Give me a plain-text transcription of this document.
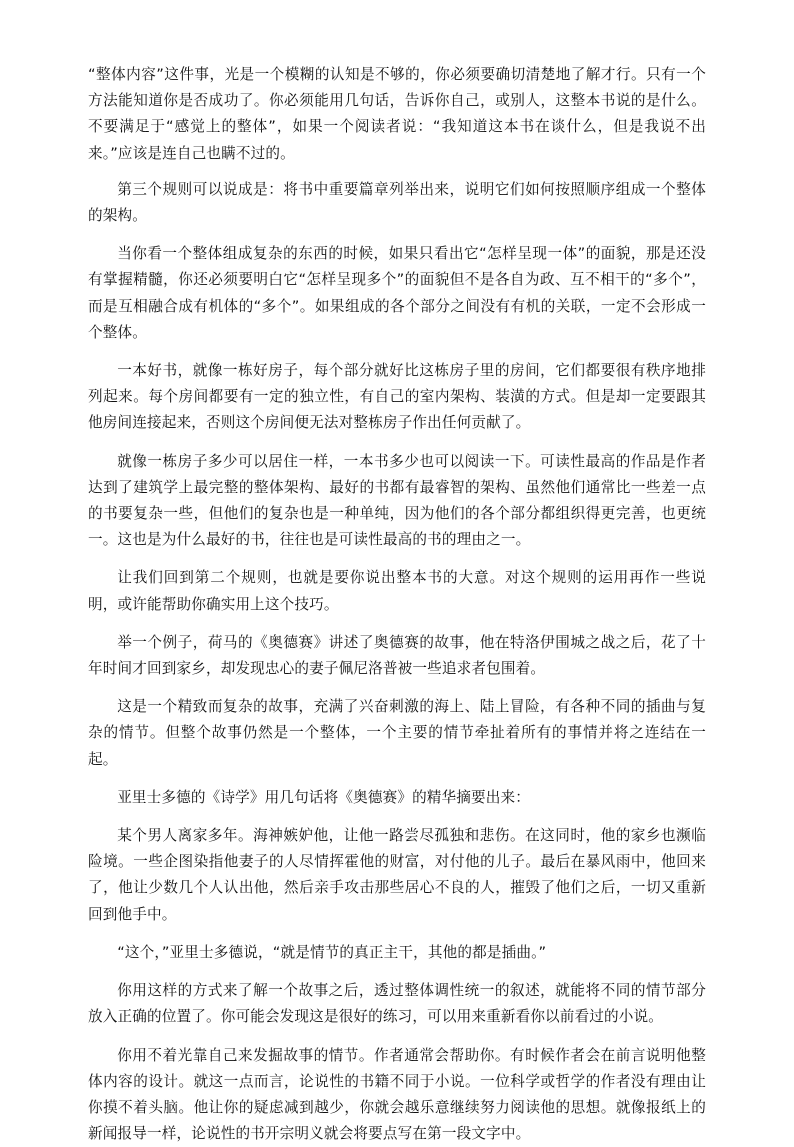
“整体内容”这件事，光是一个模糊的认知是不够的，你必须要确切清楚地了解才行。只有一个方法能知道你是否成功了。你必须能用几句话，告诉你自己，或别人，这整本书说的是什么。不要满足于“感觉上的整体”，如果一个阅读者说：“我知道这本书在谈什么，但是我说不出来。”应该是连自己也瞒不过的。

第三个规则可以说成是：将书中重要篇章列举出来，说明它们如何按照顺序组成一个整体的架构。

当你看一个整体组成复杂的东西的时候，如果只看出它“怎样呈现一体”的面貌，那是还没有掌握精髓，你还必须要明白它“怎样呈现多个”的面貌但不是各自为政、互不相干的“多个”，而是互相融合成有机体的“多个”。如果组成的各个部分之间没有有机的关联，一定不会形成一个整体。

一本好书，就像一栋好房子，每个部分就好比这栋房子里的房间，它们都要很有秩序地排列起来。每个房间都要有一定的独立性，有自己的室内架构、装潢的方式。但是却一定要跟其他房间连接起来，否则这个房间便无法对整栋房子作出任何贡献了。

就像一栋房子多少可以居住一样，一本书多少也可以阅读一下。可读性最高的作品是作者达到了建筑学上最完整的整体架构、最好的书都有最睿智的架构、虽然他们通常比一些差一点的书要复杂一些，但他们的复杂也是一种单纯，因为他们的各个部分都组织得更完善，也更统一。这也是为什么最好的书，往往也是可读性最高的书的理由之一。

让我们回到第二个规则，也就是要你说出整本书的大意。对这个规则的运用再作一些说明，或许能帮助你确实用上这个技巧。

举一个例子，荷马的《奥德赛》讲述了奥德赛的故事，他在特洛伊围城之战之后，花了十年时间才回到家乡，却发现忠心的妻子佩尼洛普被一些追求者包围着。

这是一个精致而复杂的故事，充满了兴奋刺激的海上、陆上冒险，有各种不同的插曲与复杂的情节。但整个故事仍然是一个整体，一个主要的情节牵扯着所有的事情并将之连结在一起。

亚里士多德的《诗学》用几句话将《奥德赛》的精华摘要出来：

某个男人离家多年。海神嫉妒他，让他一路尝尽孤独和悲伤。在这同时，他的家乡也濒临险境。一些企图染指他妻子的人尽情挥霍他的财富，对付他的儿子。最后在暴风雨中，他回来了，他让少数几个人认出他，然后亲手攻击那些居心不良的人，摧毁了他们之后，一切又重新回到他手中。

“这个，”亚里士多德说，“就是情节的真正主干，其他的都是插曲。”

你用这样的方式来了解一个故事之后，透过整体调性统一的叙述，就能将不同的情节部分放入正确的位置了。你可能会发现这是很好的练习，可以用来重新看你以前看过的小说。

你用不着光靠自己来发掘故事的情节。作者通常会帮助你。有时候作者会在前言说明他整体内容的设计。就这一点而言，论说性的书籍不同于小说。一位科学或哲学的作者没有理由让你摸不着头脑。他让你的疑虑减到越少，你就会越乐意继续努力阅读他的思想。就像报纸上的新闻报导一样，论说性的书开宗明义就会将要点写在第一段文字中。
